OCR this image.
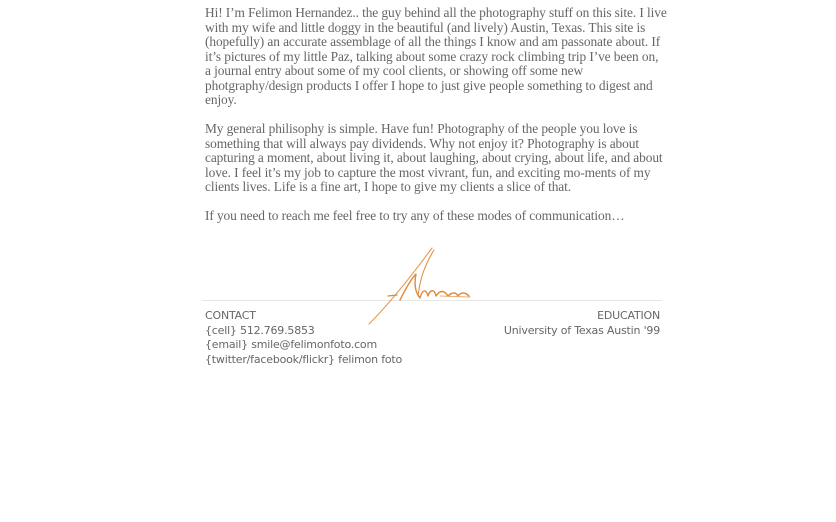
Hi! I’m Felimon Hernandez.. the guy behind all the photography stuff on this site. I live with my wife and little doggy in the beautiful (and lively) Austin, Texas. This site is (hopefully) an accurate assemblage of all the things I know and am passonate about. If it’s pictures of my little Paz, talking about some crazy rock climbing trip I’ve been on, a journal entry about some of my cool clients, or showing off some new photgraphy/design products I offer I hope to just give people something to digest and enjoy.

My general philisophy is simple. Have fun! Photography of the people you love is something that will always pay dividends. Why not enjoy it? Photography is about capturing a moment, about living it, about laughing, about crying, about life, and about love. I feel it’s my job to capture the most vivrant, fun, and exciting mo-ments of my clients lives. Life is a fine art, I hope to give my clients a slice of that.

If you need to reach me feel free to try any of these modes of communication…

CONTACT
{cell} 512.769.5853
{email} smile@felimonfoto.com
{twitter/facebook/flickr} felimon foto
EDUCATION
University of Texas Austin '99
